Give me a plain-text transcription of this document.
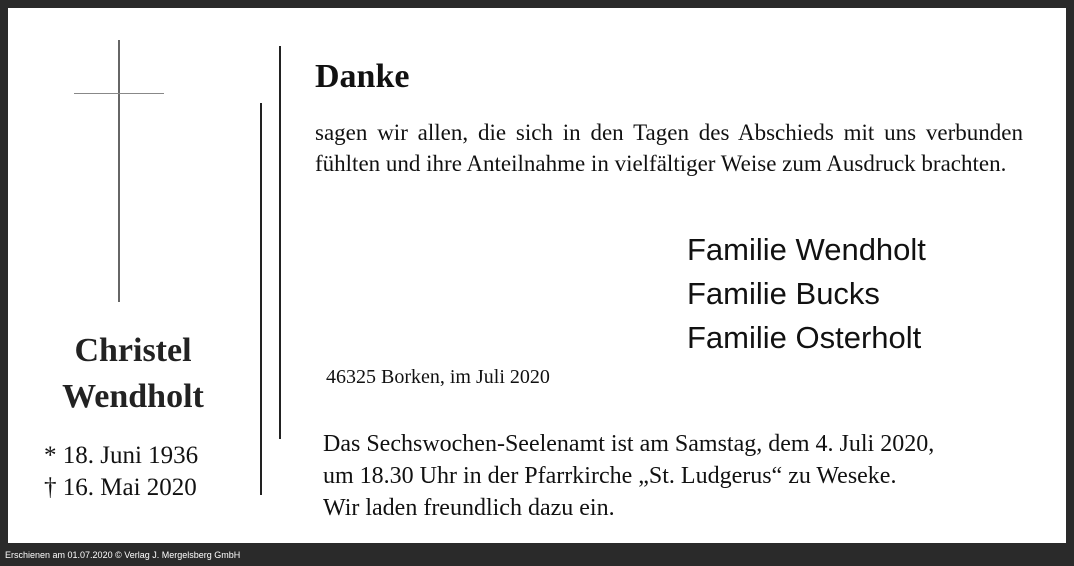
Christel
Wendholt
* 18. Juni 1936
† 16. Mai 2020
Danke
sagen wir allen, die sich in den Tagen des Abschieds mit uns verbunden fühlten und ihre Anteilnahme in vielfältiger Weise zum Ausdruck brachten.
Familie Wendholt
Familie Bucks
Familie Osterholt
46325 Borken, im Juli 2020
Das Sechswochen-Seelenamt ist am Samstag, dem 4. Juli 2020,
um 18.30 Uhr in der Pfarrkirche „St. Ludgerus“ zu Weseke.
Wir laden freundlich dazu ein.
Erschienen am 01.07.2020 © Verlag J. Mergelsberg GmbH
